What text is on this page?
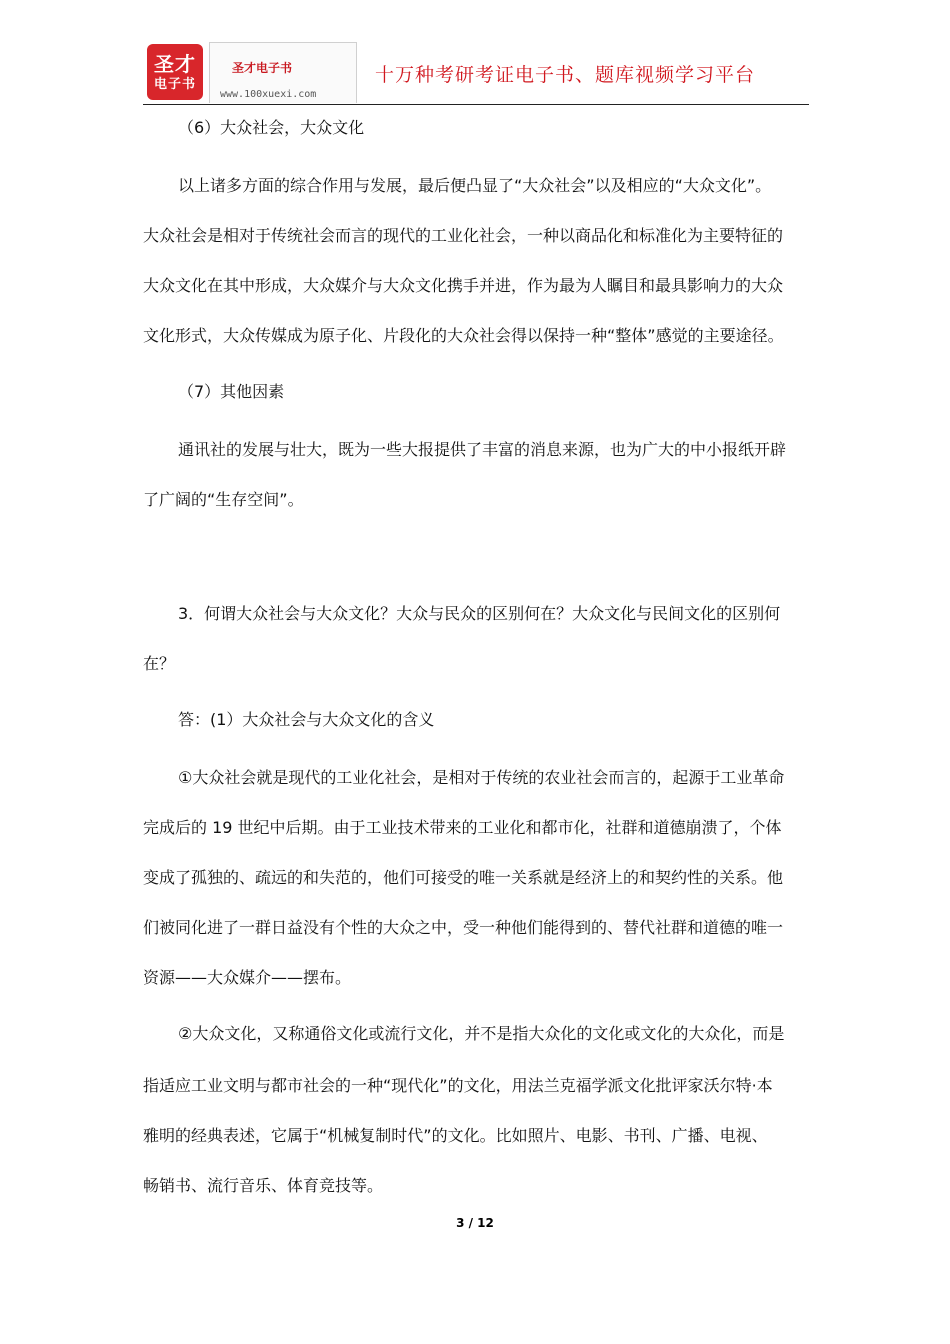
圣才
电子书
圣才电子书
www.100xuexi.com
十万种考研考证电子书、题库视频学习平台
（6）大众社会，大众文化
以上诸多方面的综合作用与发展，最后便凸显了“大众社会”以及相应的“大众文化”。
大众社会是相对于传统社会而言的现代的工业化社会，一种以商品化和标准化为主要特征的
大众文化在其中形成，大众媒介与大众文化携手并进，作为最为人瞩目和最具影响力的大众
文化形式，大众传媒成为原子化、片段化的大众社会得以保持一种“整体”感觉的主要途径。
（7）其他因素
通讯社的发展与壮大，既为一些大报提供了丰富的消息来源，也为广大的中小报纸开辟
了广阔的“生存空间”。
3．何谓大众社会与大众文化？大众与民众的区别何在？大众文化与民间文化的区别何
在？
答：(1）大众社会与大众文化的含义
①大众社会就是现代的工业化社会，是相对于传统的农业社会而言的，起源于工业革命
完成后的 19 世纪中后期。由于工业技术带来的工业化和都市化，社群和道德崩溃了，个体
变成了孤独的、疏远的和失范的，他们可接受的唯一关系就是经济上的和契约性的关系。他
们被同化进了一群日益没有个性的大众之中，受一种他们能得到的、替代社群和道德的唯一
资源——大众媒介——摆布。
②大众文化，又称通俗文化或流行文化，并不是指大众化的文化或文化的大众化，而是
指适应工业文明与都市社会的一种“现代化”的文化，用法兰克福学派文化批评家沃尔特·本
雅明的经典表述，它属于“机械复制时代”的文化。比如照片、电影、书刊、广播、电视、
畅销书、流行音乐、体育竞技等。
3 / 12
